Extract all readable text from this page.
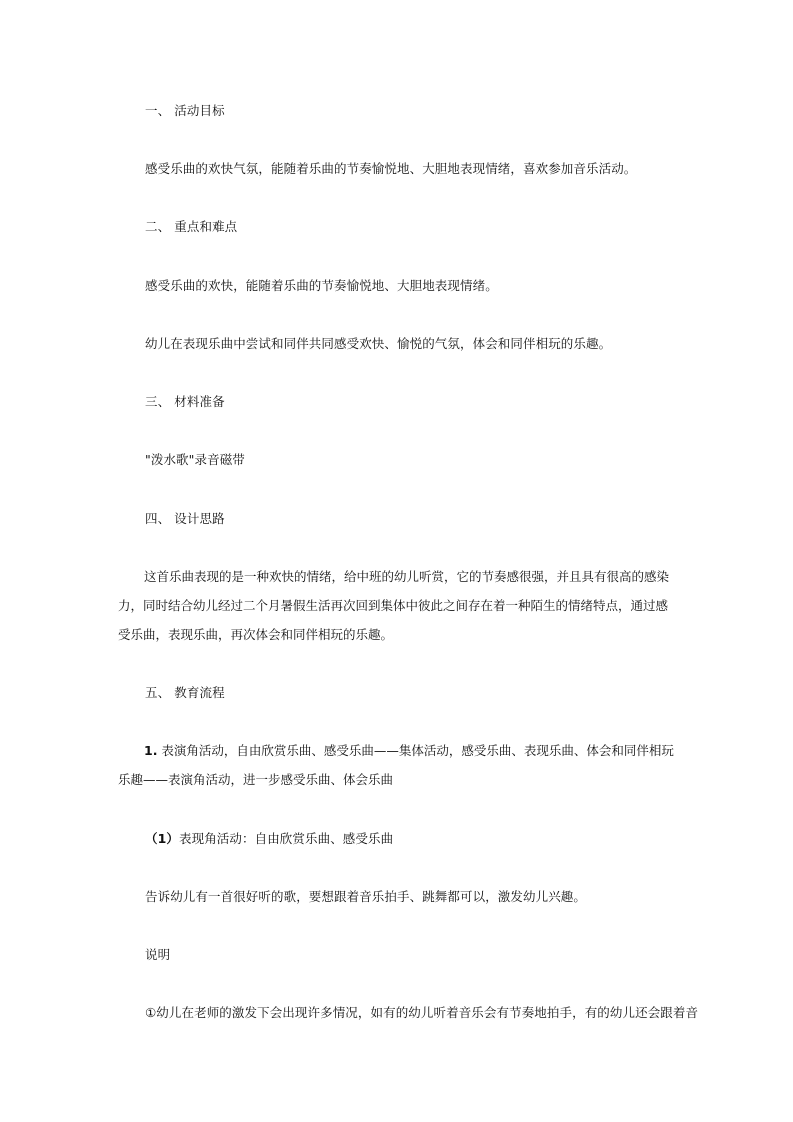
一、 活动目标
感受乐曲的欢快气氛，能随着乐曲的节奏愉悦地、大胆地表现情绪，喜欢参加音乐活动。
二、 重点和难点
感受乐曲的欢快，能随着乐曲的节奏愉悦地、大胆地表现情绪。
幼儿在表现乐曲中尝试和同伴共同感受欢快、愉悦的气氛，体会和同伴相玩的乐趣。
三、 材料准备
"泼水歌"录音磁带
四、 设计思路
这首乐曲表现的是一种欢快的情绪，给中班的幼儿听赏，它的节奏感很强，并且具有很高的感染力，同时结合幼儿经过二个月暑假生活再次回到集体中彼此之间存在着一种陌生的情绪特点，通过感受乐曲，表现乐曲，再次体会和同伴相玩的乐趣。
五、 教育流程
1. 表演角活动，自由欣赏乐曲、感受乐曲——集体活动，感受乐曲、表现乐曲、体会和同伴相玩乐趣——表演角活动，进一步感受乐曲、体会乐曲
（1）表现角活动：自由欣赏乐曲、感受乐曲
告诉幼儿有一首很好听的歌，要想跟着音乐拍手、跳舞都可以，激发幼儿兴趣。
说明
①幼儿在老师的激发下会出现许多情况，如有的幼儿听着音乐会有节奏地拍手，有的幼儿还会跟着音
